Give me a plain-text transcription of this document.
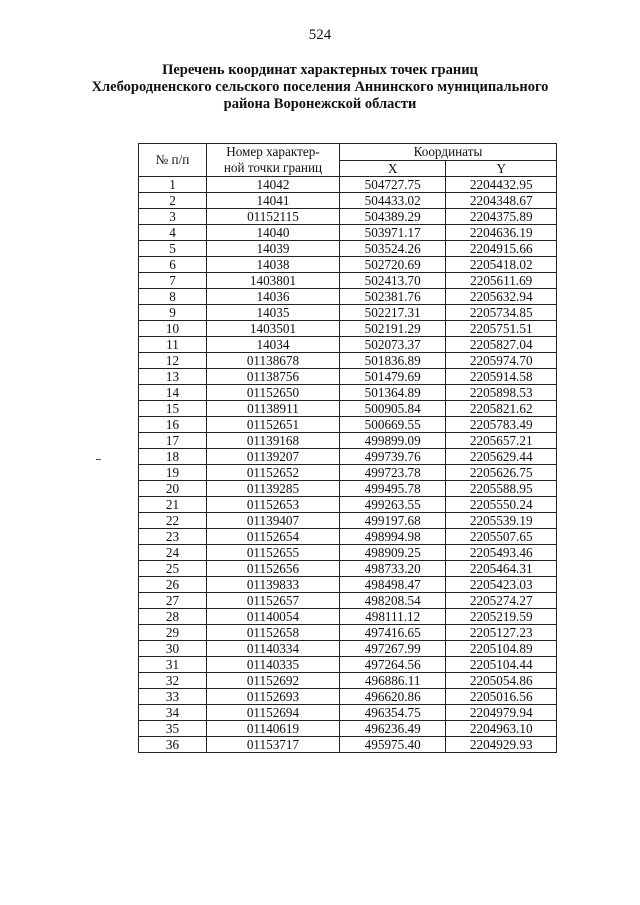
524
Перечень координат характерных точек границ
Хлебородненского сельского поселения Аннинского муниципального
района Воронежской области
№ п/п	Номер характер-
ной точки границ	Координаты	
		X	Y
1	14042	504727.75	2204432.95
2	14041	504433.02	2204348.67
3	01152115	504389.29	2204375.89
4	14040	503971.17	2204636.19
5	14039	503524.26	2204915.66
6	14038	502720.69	2205418.02
7	1403801	502413.70	2205611.69
8	14036	502381.76	2205632.94
9	14035	502217.31	2205734.85
10	1403501	502191.29	2205751.51
11	14034	502073.37	2205827.04
12	01138678	501836.89	2205974.70
13	01138756	501479.69	2205914.58
14	01152650	501364.89	2205898.53
15	01138911	500905.84	2205821.62
16	01152651	500669.55	2205783.49
17	01139168	499899.09	2205657.21
18	01139207	499739.76	2205629.44
19	01152652	499723.78	2205626.75
20	01139285	499495.78	2205588.95
21	01152653	499263.55	2205550.24
22	01139407	499197.68	2205539.19
23	01152654	498994.98	2205507.65
24	01152655	498909.25	2205493.46
25	01152656	498733.20	2205464.31
26	01139833	498498.47	2205423.03
27	01152657	498208.54	2205274.27
28	01140054	498111.12	2205219.59
29	01152658	497416.65	2205127.23
30	01140334	497267.99	2205104.89
31	01140335	497264.56	2205104.44
32	01152692	496886.11	2205054.86
33	01152693	496620.86	2205016.56
34	01152694	496354.75	2204979.94
35	01140619	496236.49	2204963.10
36	01153717	495975.40	2204929.93
